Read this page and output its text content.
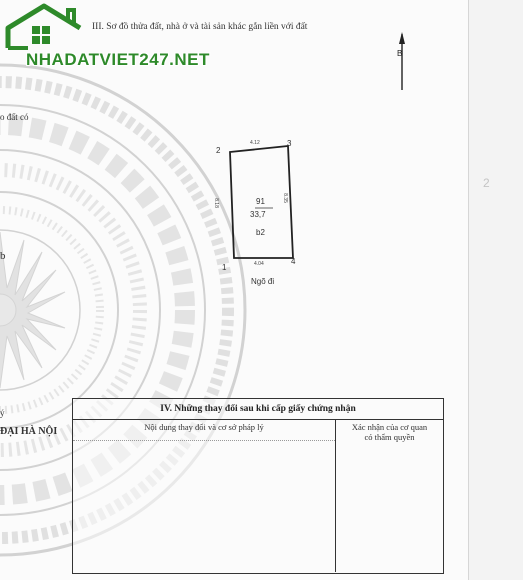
NHADATVIET247.NET
III. Sơ đồ thửa đất, nhà ở và tài sản khác gắn liền với đất
o đất có
b
ý
ĐẠI HÀ NỘI
B
2
3
1
4
4.12
4.04
8.18
8.35
91
33,7
b2
Ngõ đi
IV. Những thay đổi sau khi cấp giấy chứng nhận
Nội dung thay đổi và cơ sở pháp lý	Xác nhận của cơ quan
có thẩm quyền
2
